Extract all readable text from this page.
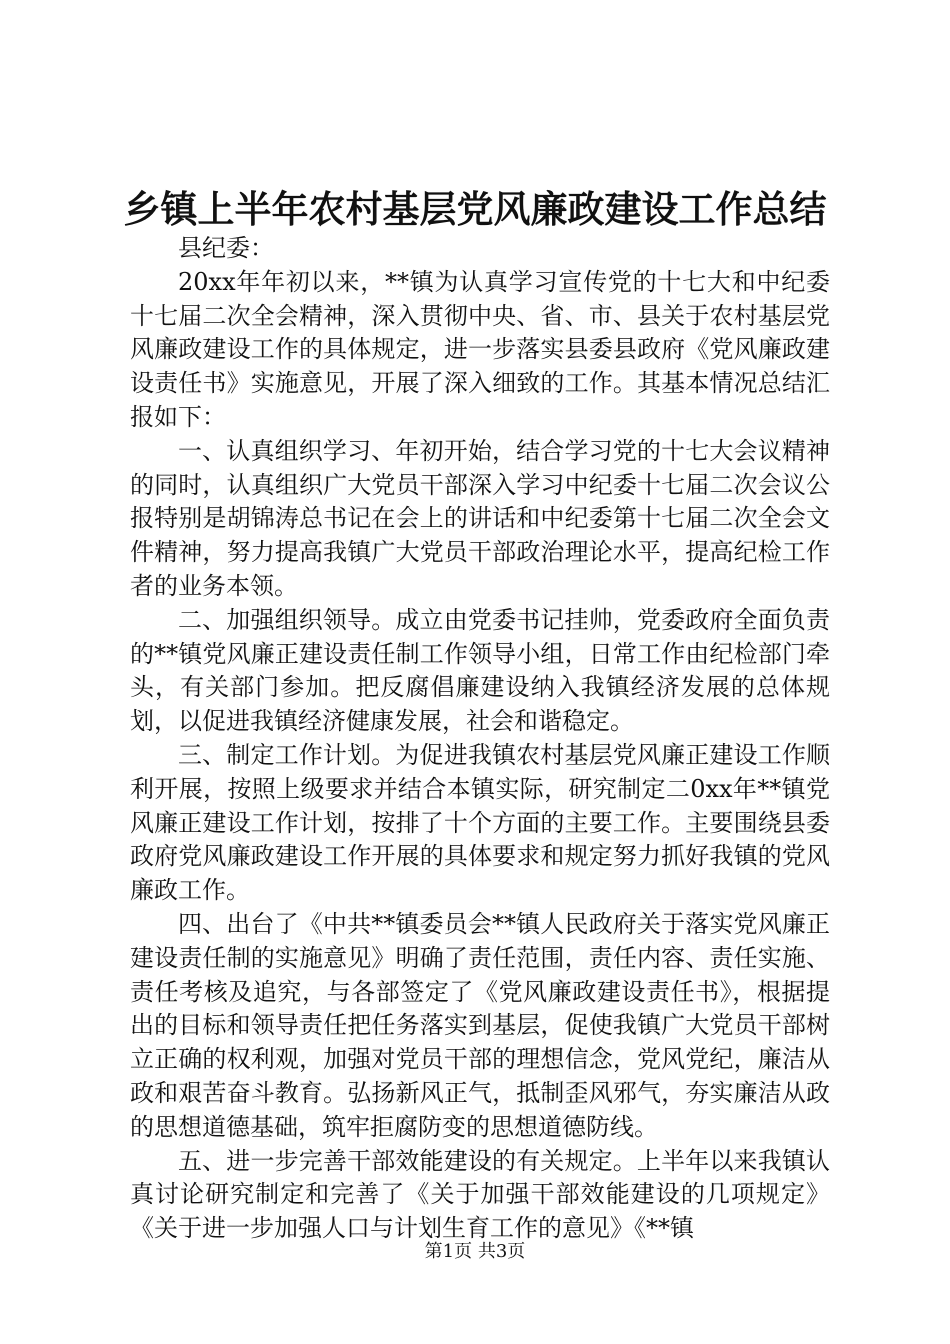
乡镇上半年农村基层党风廉政建设工作总结

县纪委：

20xx年年初以来，**镇为认真学习宣传党的十七大和中纪委十七届二次全会精神，深入贯彻中央、省、市、县关于农村基层党风廉政建设工作的具体规定，进一步落实县委县政府《党风廉政建设责任书》实施意见，开展了深入细致的工作。其基本情况总结汇报如下：

一、认真组织学习、年初开始，结合学习党的十七大会议精神的同时，认真组织广大党员干部深入学习中纪委十七届二次会议公报特别是胡锦涛总书记在会上的讲话和中纪委第十七届二次全会文件精神，努力提高我镇广大党员干部政治理论水平，提高纪检工作者的业务本领。

二、加强组织领导。成立由党委书记挂帅，党委政府全面负责的**镇党风廉正建设责任制工作领导小组，日常工作由纪检部门牵头，有关部门参加。把反腐倡廉建设纳入我镇经济发展的总体规划，以促进我镇经济健康发展，社会和谐稳定。

三、制定工作计划。为促进我镇农村基层党风廉正建设工作顺利开展，按照上级要求并结合本镇实际，研究制定二0xx年**镇党风廉正建设工作计划，按排了十个方面的主要工作。主要围绕县委政府党风廉政建设工作开展的具体要求和规定努力抓好我镇的党风廉政工作。

四、出台了《中共**镇委员会**镇人民政府关于落实党风廉正建设责任制的实施意见》明确了责任范围，责任内容、责任实施、责任考核及追究，与各部签定了《党风廉政建设责任书》，根据提出的目标和领导责任把任务落实到基层，促使我镇广大党员干部树立正确的权利观，加强对党员干部的理想信念，党风党纪，廉洁从政和艰苦奋斗教育。弘扬新风正气，抵制歪风邪气，夯实廉洁从政的思想道德基础，筑牢拒腐防变的思想道德防线。

五、进一步完善干部效能建设的有关规定。上半年以来我镇认真讨论研究制定和完善了《关于加强干部效能建设的几项规定》《关于进一步加强人口与计划生育工作的意见》《**镇

第1页 共3页
